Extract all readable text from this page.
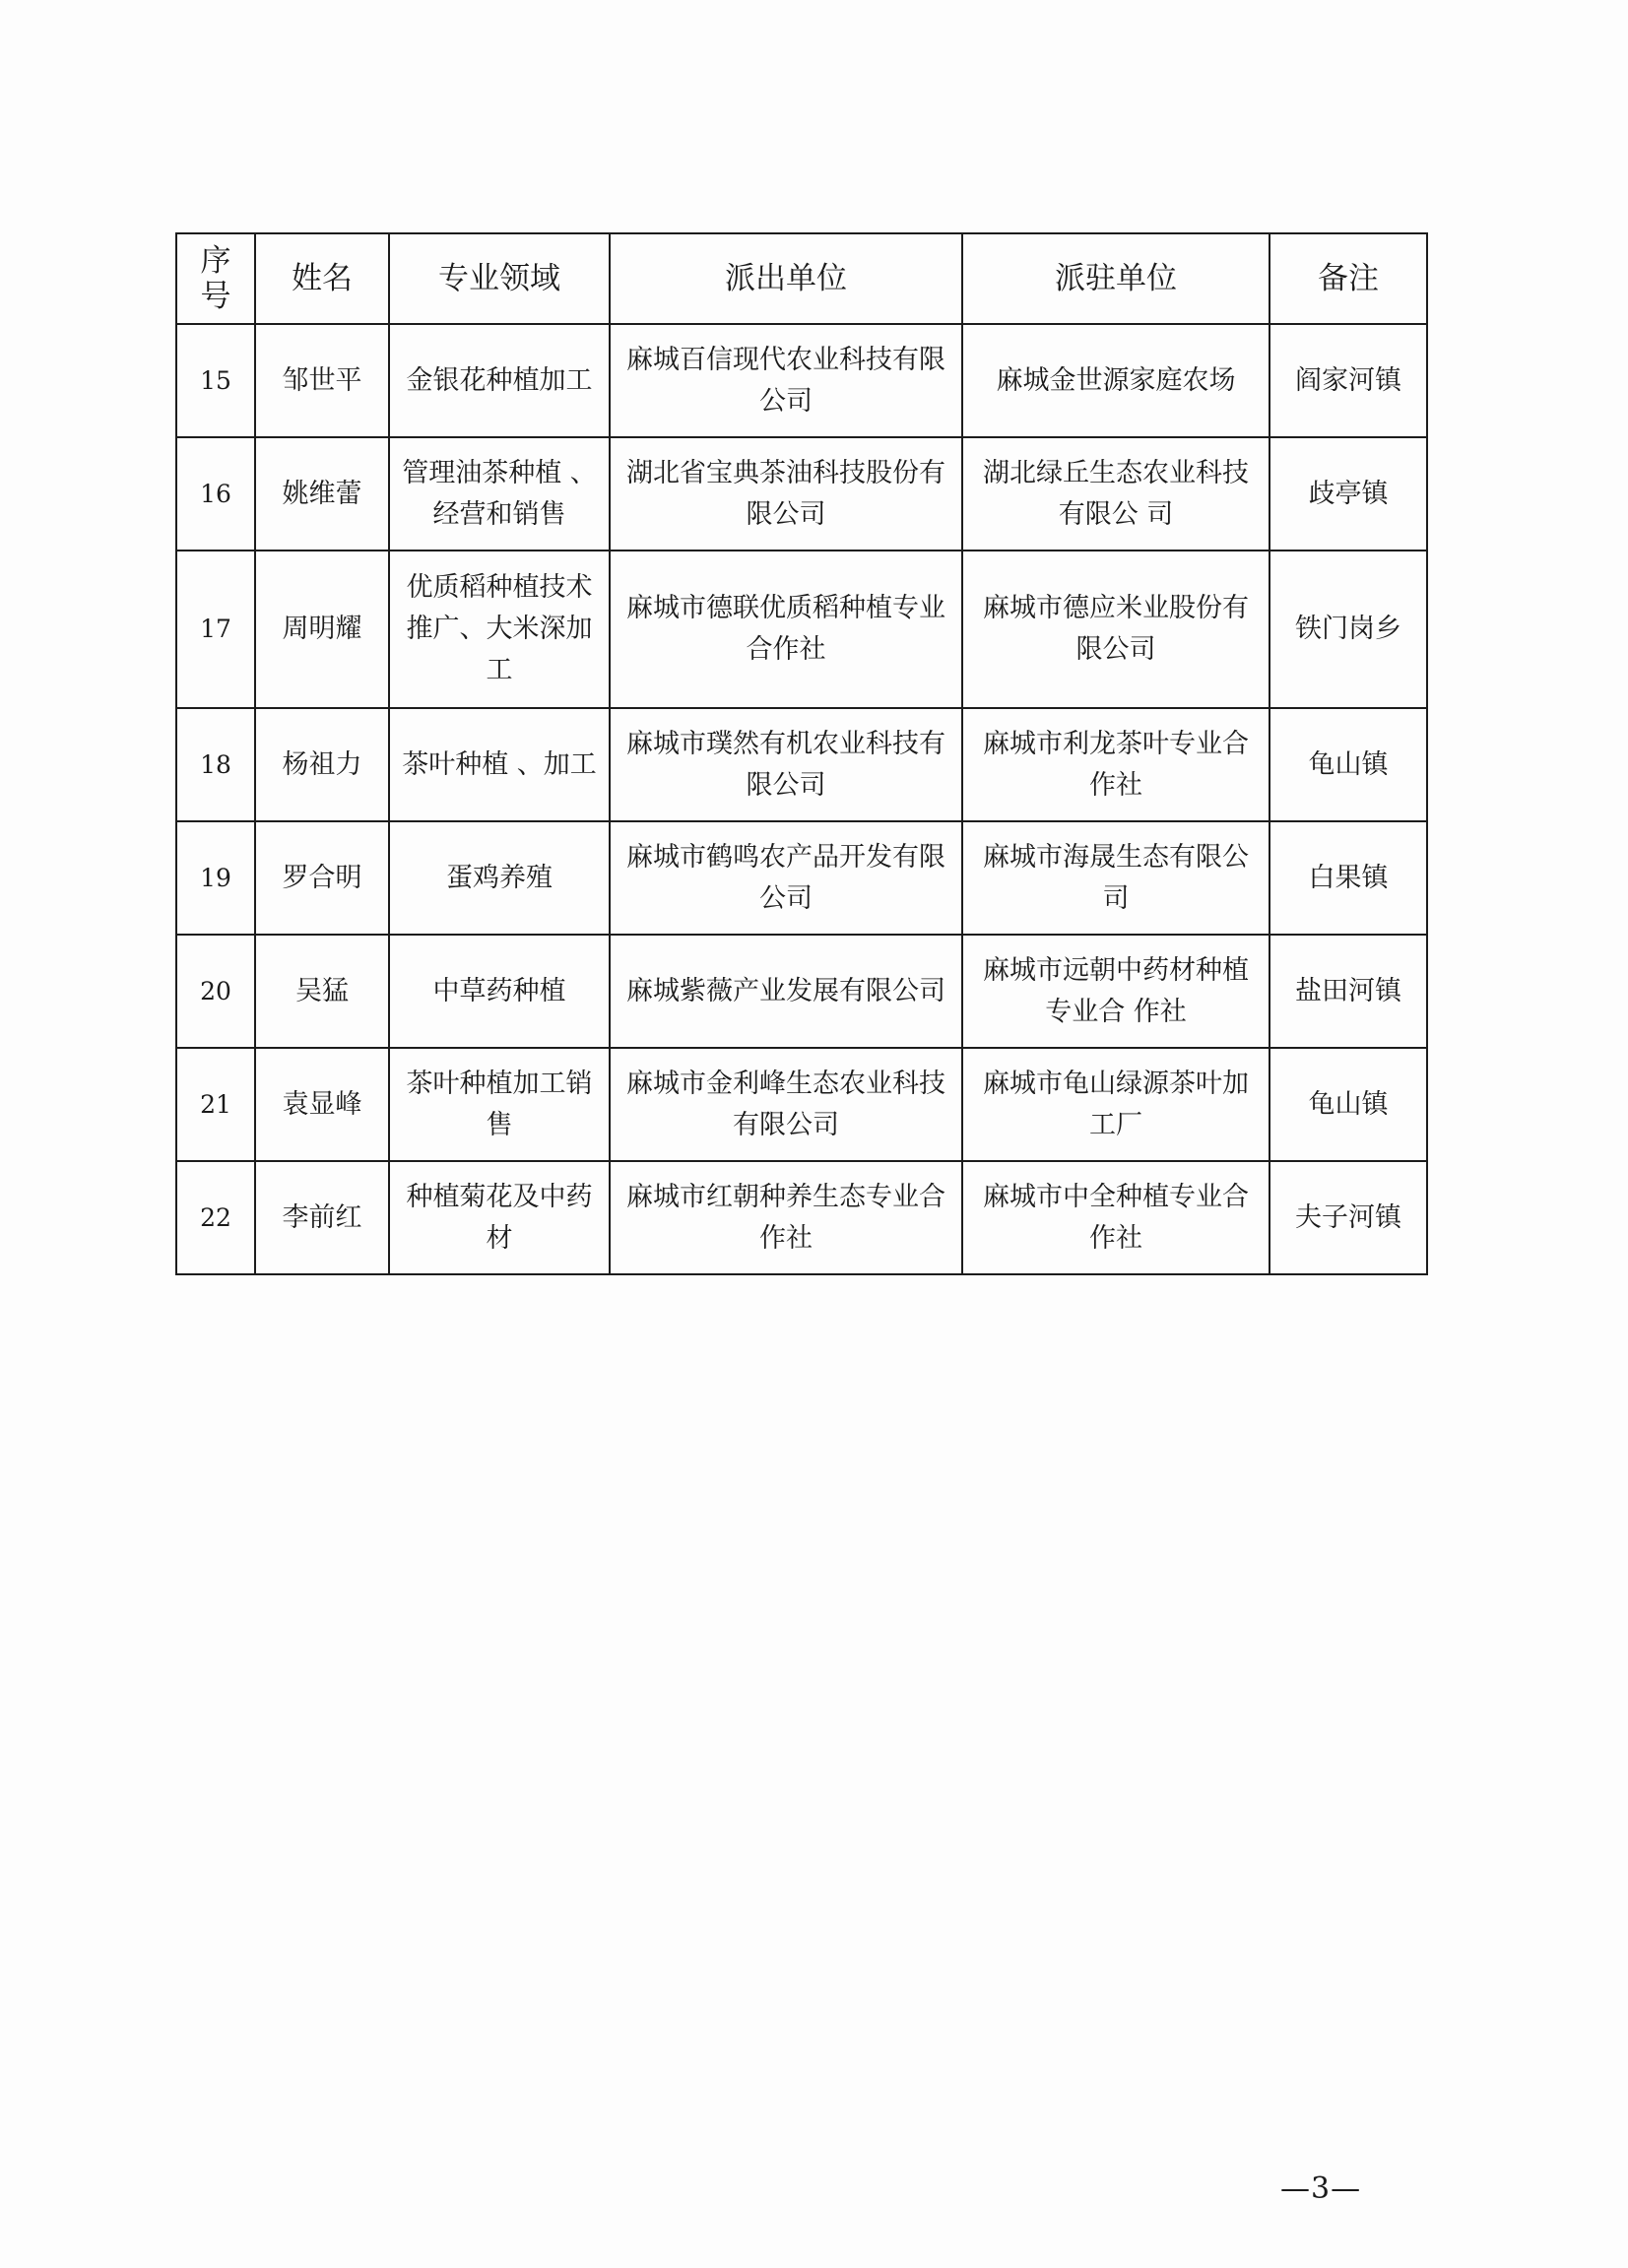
序
号	姓名	专业领域	派出单位	派驻单位	备注
15	邹世平	金银花种植加工	麻城百信现代农业科技有限公司	麻城金世源家庭农场	阎家河镇
16	姚维蕾	管理油茶种植 、经营和销售	湖北省宝典茶油科技股份有限公司	湖北绿丘生态农业科技有限公 司	歧亭镇
17	周明耀	优质稻种植技术推广、大米深加工	麻城市德联优质稻种植专业合作社	麻城市德应米业股份有限公司	铁门岗乡
18	杨祖力	茶叶种植 、加工	麻城市璞然有机农业科技有限公司	麻城市利龙茶叶专业合作社	龟山镇
19	罗合明	蛋鸡养殖	麻城市鹤鸣农产品开发有限公司	麻城市海晟生态有限公司	白果镇
20	吴猛	中草药种植	麻城紫薇产业发展有限公司	麻城市远朝中药材种植专业合 作社	盐田河镇
21	袁显峰	茶叶种植加工销售	麻城市金利峰生态农业科技有限公司	麻城市龟山绿源茶叶加工厂	龟山镇
22	李前红	种植菊花及中药材	麻城市红朝种养生态专业合作社	麻城市中全种植专业合作社	夫子河镇
—3—
